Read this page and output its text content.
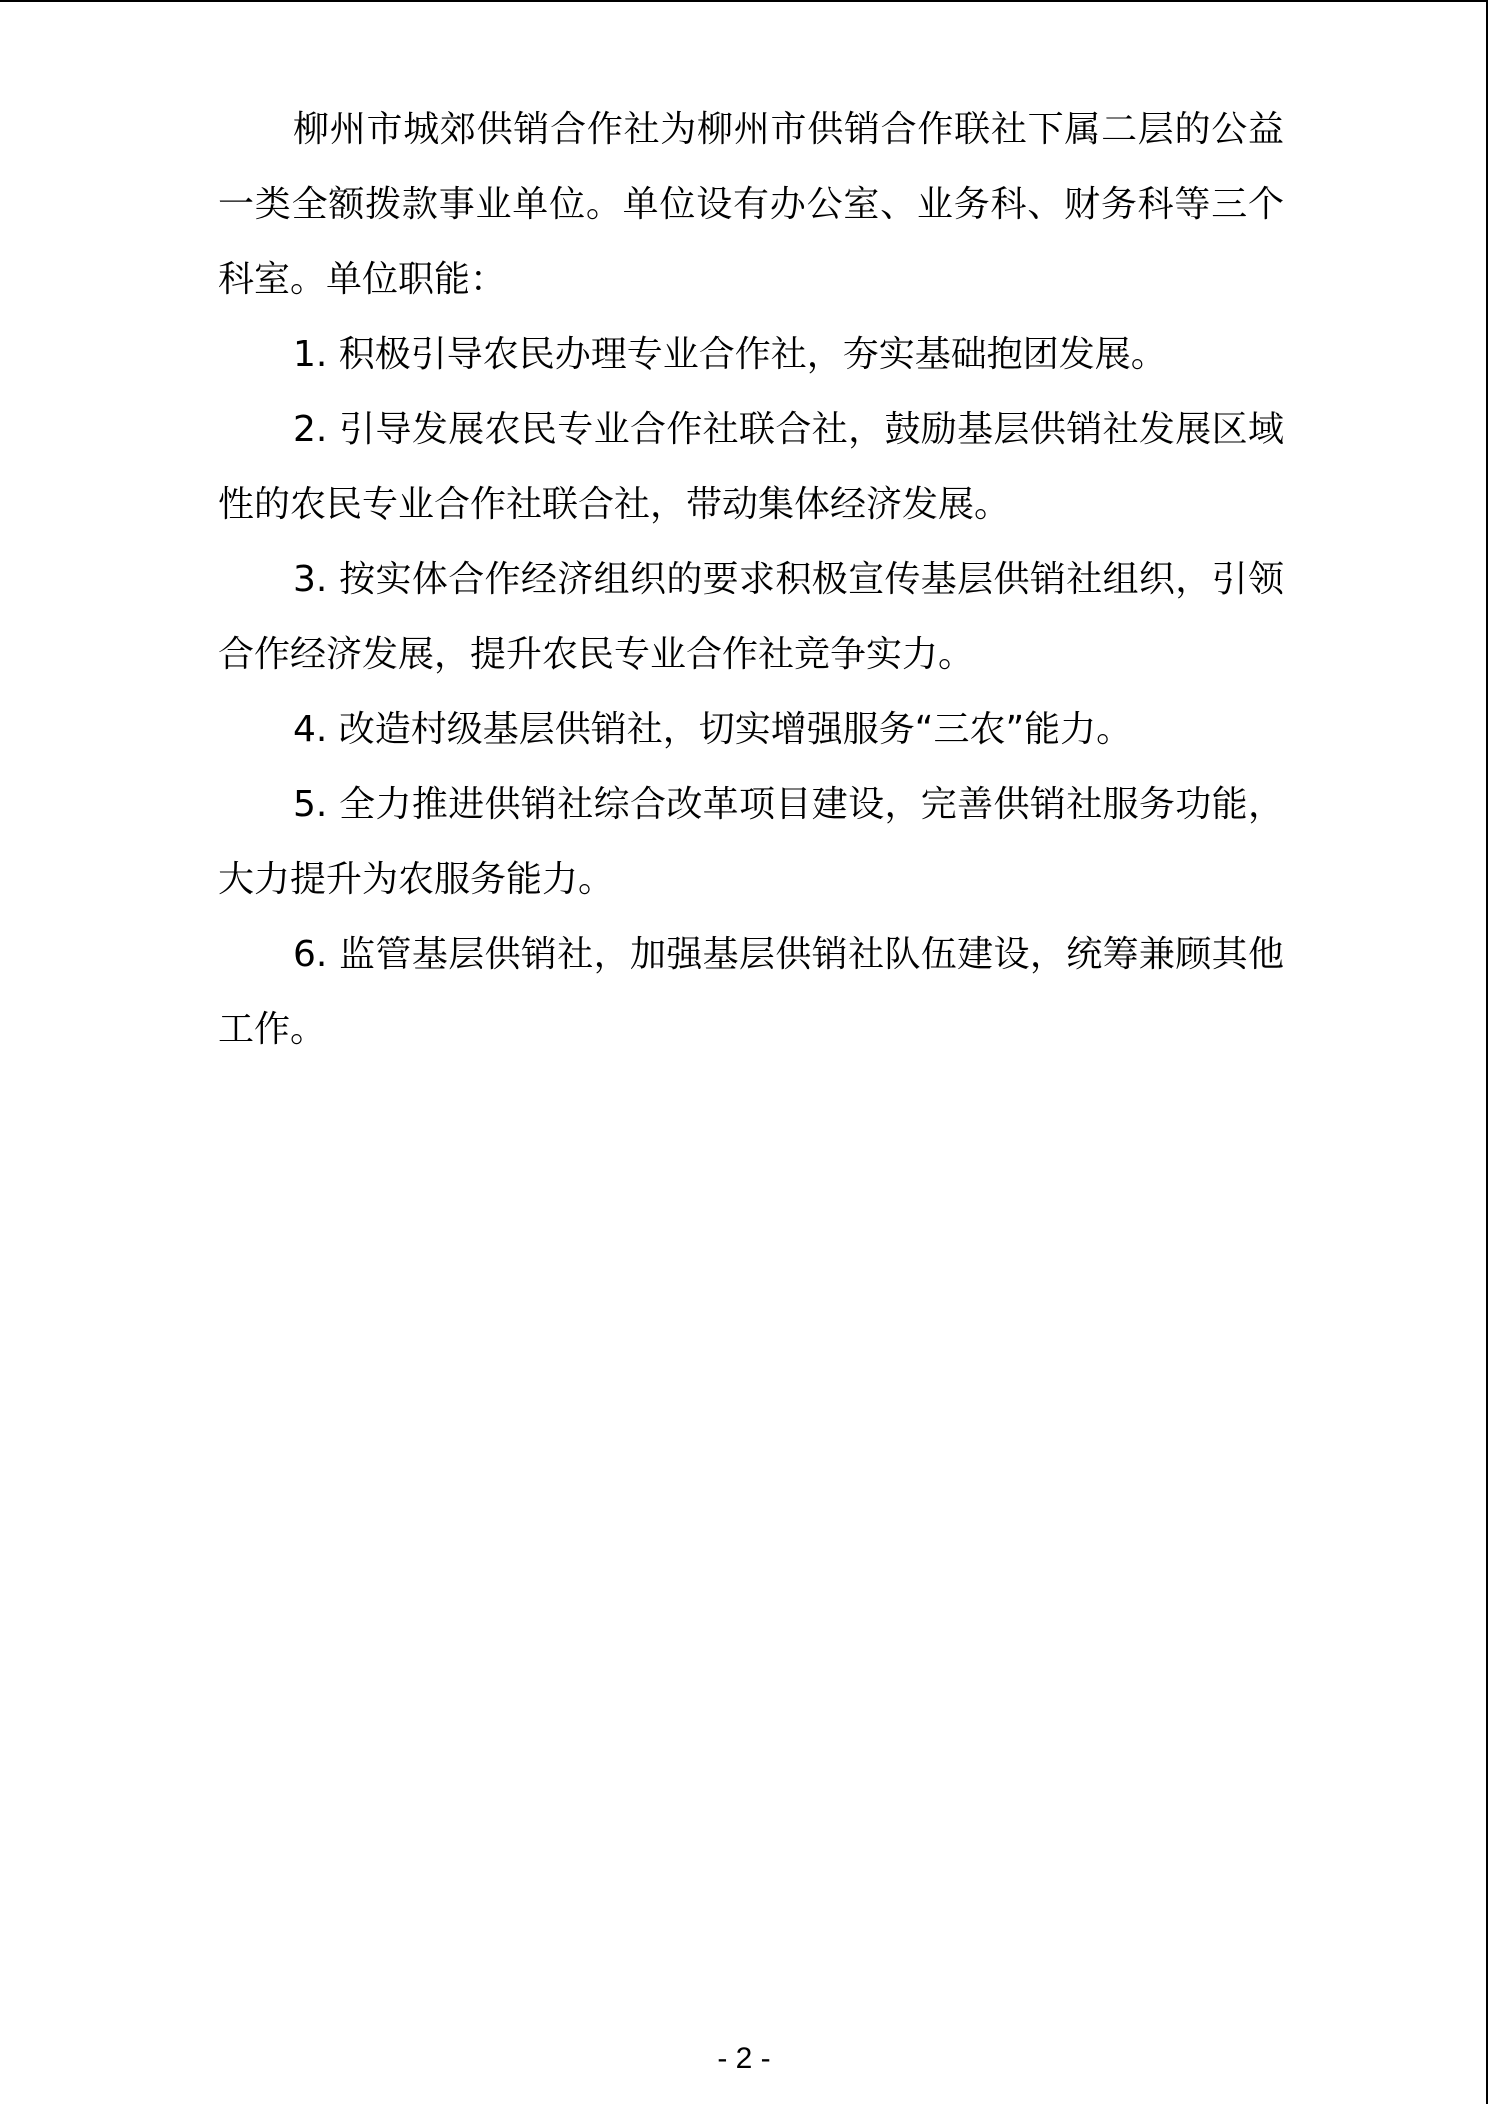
柳州市城郊供销合作社为柳州市供销合作联社下属二层的公益一类全额拨款事业单位。单位设有办公室、业务科、财务科等三个科室。单位职能：

1. 积极引导农民办理专业合作社，夯实基础抱团发展。

2. 引导发展农民专业合作社联合社，鼓励基层供销社发展区域性的农民专业合作社联合社，带动集体经济发展。

3. 按实体合作经济组织的要求积极宣传基层供销社组织，引领合作经济发展，提升农民专业合作社竞争实力。

4. 改造村级基层供销社，切实增强服务“三农”能力。

5. 全力推进供销社综合改革项目建设，完善供销社服务功能，大力提升为农服务能力。

6. 监管基层供销社，加强基层供销社队伍建设，统筹兼顾其他工作。

- 2 -
